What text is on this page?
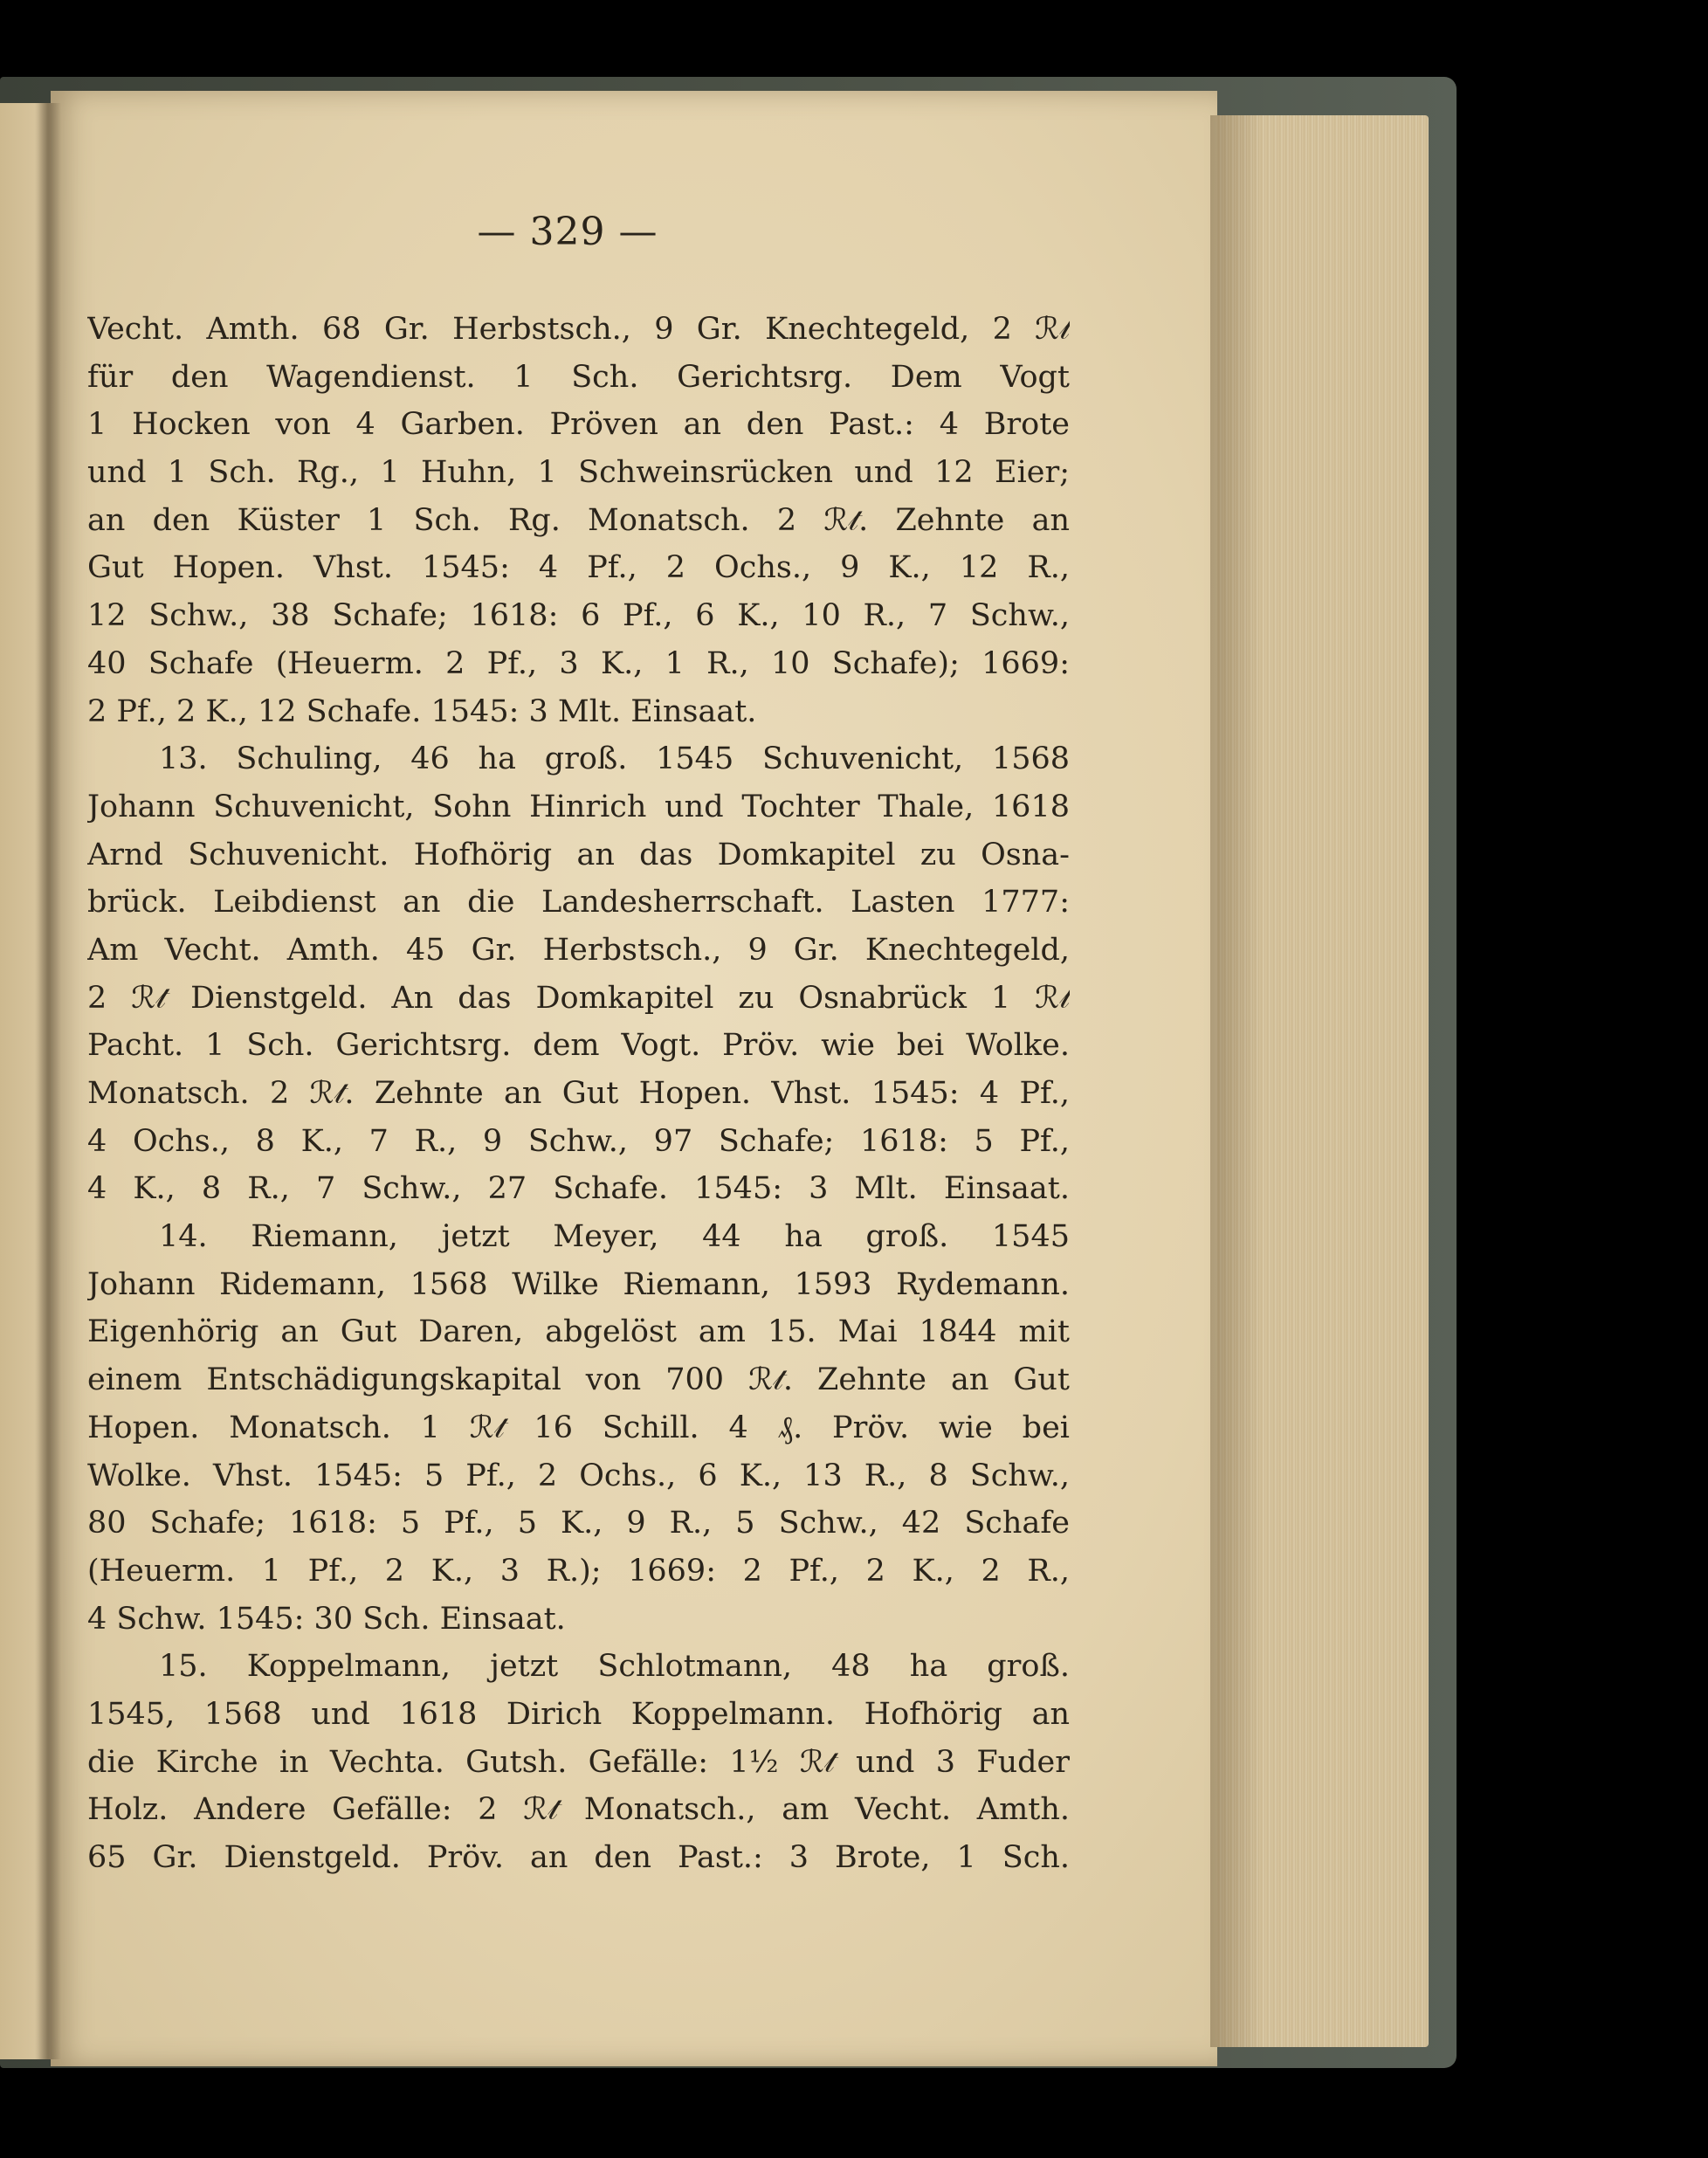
— 329 —
Vecht. Amth. 68 Gr. Herbstsch., 9 Gr. Knechtegeld, 2 ℛ𝓉
für den Wagendienst. 1 Sch. Gerichtsrg. Dem Vogt
1 Hocken von 4 Garben. Pröven an den Past.: 4 Brote
und 1 Sch. Rg., 1 Huhn, 1 Schweinsrücken und 12 Eier;
an den Küster 1 Sch. Rg. Monatsch. 2 ℛ𝓉. Zehnte an
Gut Hopen. Vhst. 1545: 4 Pf., 2 Ochs., 9 K., 12 R.,
12 Schw., 38 Schafe; 1618: 6 Pf., 6 K., 10 R., 7 Schw.,
40 Schafe (Heuerm. 2 Pf., 3 K., 1 R., 10 Schafe); 1669:
2 Pf., 2 K., 12 Schafe. 1545: 3 Mlt. Einsaat.
13. Schuling, 46 ha groß. 1545 Schuvenicht, 1568
Johann Schuvenicht, Sohn Hinrich und Tochter Thale, 1618
Arnd Schuvenicht. Hofhörig an das Domkapitel zu Osna-
brück. Leibdienst an die Landesherrschaft. Lasten 1777:
Am Vecht. Amth. 45 Gr. Herbstsch., 9 Gr. Knechtegeld,
2 ℛ𝓉 Dienstgeld. An das Domkapitel zu Osnabrück 1 ℛ𝓉
Pacht. 1 Sch. Gerichtsrg. dem Vogt. Pröv. wie bei Wolke.
Monatsch. 2 ℛ𝓉. Zehnte an Gut Hopen. Vhst. 1545: 4 Pf.,
4 Ochs., 8 K., 7 R., 9 Schw., 97 Schafe; 1618: 5 Pf.,
4 K., 8 R., 7 Schw., 27 Schafe. 1545: 3 Mlt. Einsaat.
14. Riemann, jetzt Meyer, 44 ha groß. 1545
Johann Ridemann, 1568 Wilke Riemann, 1593 Rydemann.
Eigenhörig an Gut Daren, abgelöst am 15. Mai 1844 mit
einem Entschädigungskapital von 700 ℛ𝓉. Zehnte an Gut
Hopen. Monatsch. 1 ℛ𝓉 16 Schill. 4 ₰. Pröv. wie bei
Wolke. Vhst. 1545: 5 Pf., 2 Ochs., 6 K., 13 R., 8 Schw.,
80 Schafe; 1618: 5 Pf., 5 K., 9 R., 5 Schw., 42 Schafe
(Heuerm. 1 Pf., 2 K., 3 R.); 1669: 2 Pf., 2 K., 2 R.,
4 Schw. 1545: 30 Sch. Einsaat.
15. Koppelmann, jetzt Schlotmann, 48 ha groß.
1545, 1568 und 1618 Dirich Koppelmann. Hofhörig an
die Kirche in Vechta. Gutsh. Gefälle: 1½ ℛ𝓉 und 3 Fuder
Holz. Andere Gefälle: 2 ℛ𝓉 Monatsch., am Vecht. Amth.
65 Gr. Dienstgeld. Pröv. an den Past.: 3 Brote, 1 Sch.
